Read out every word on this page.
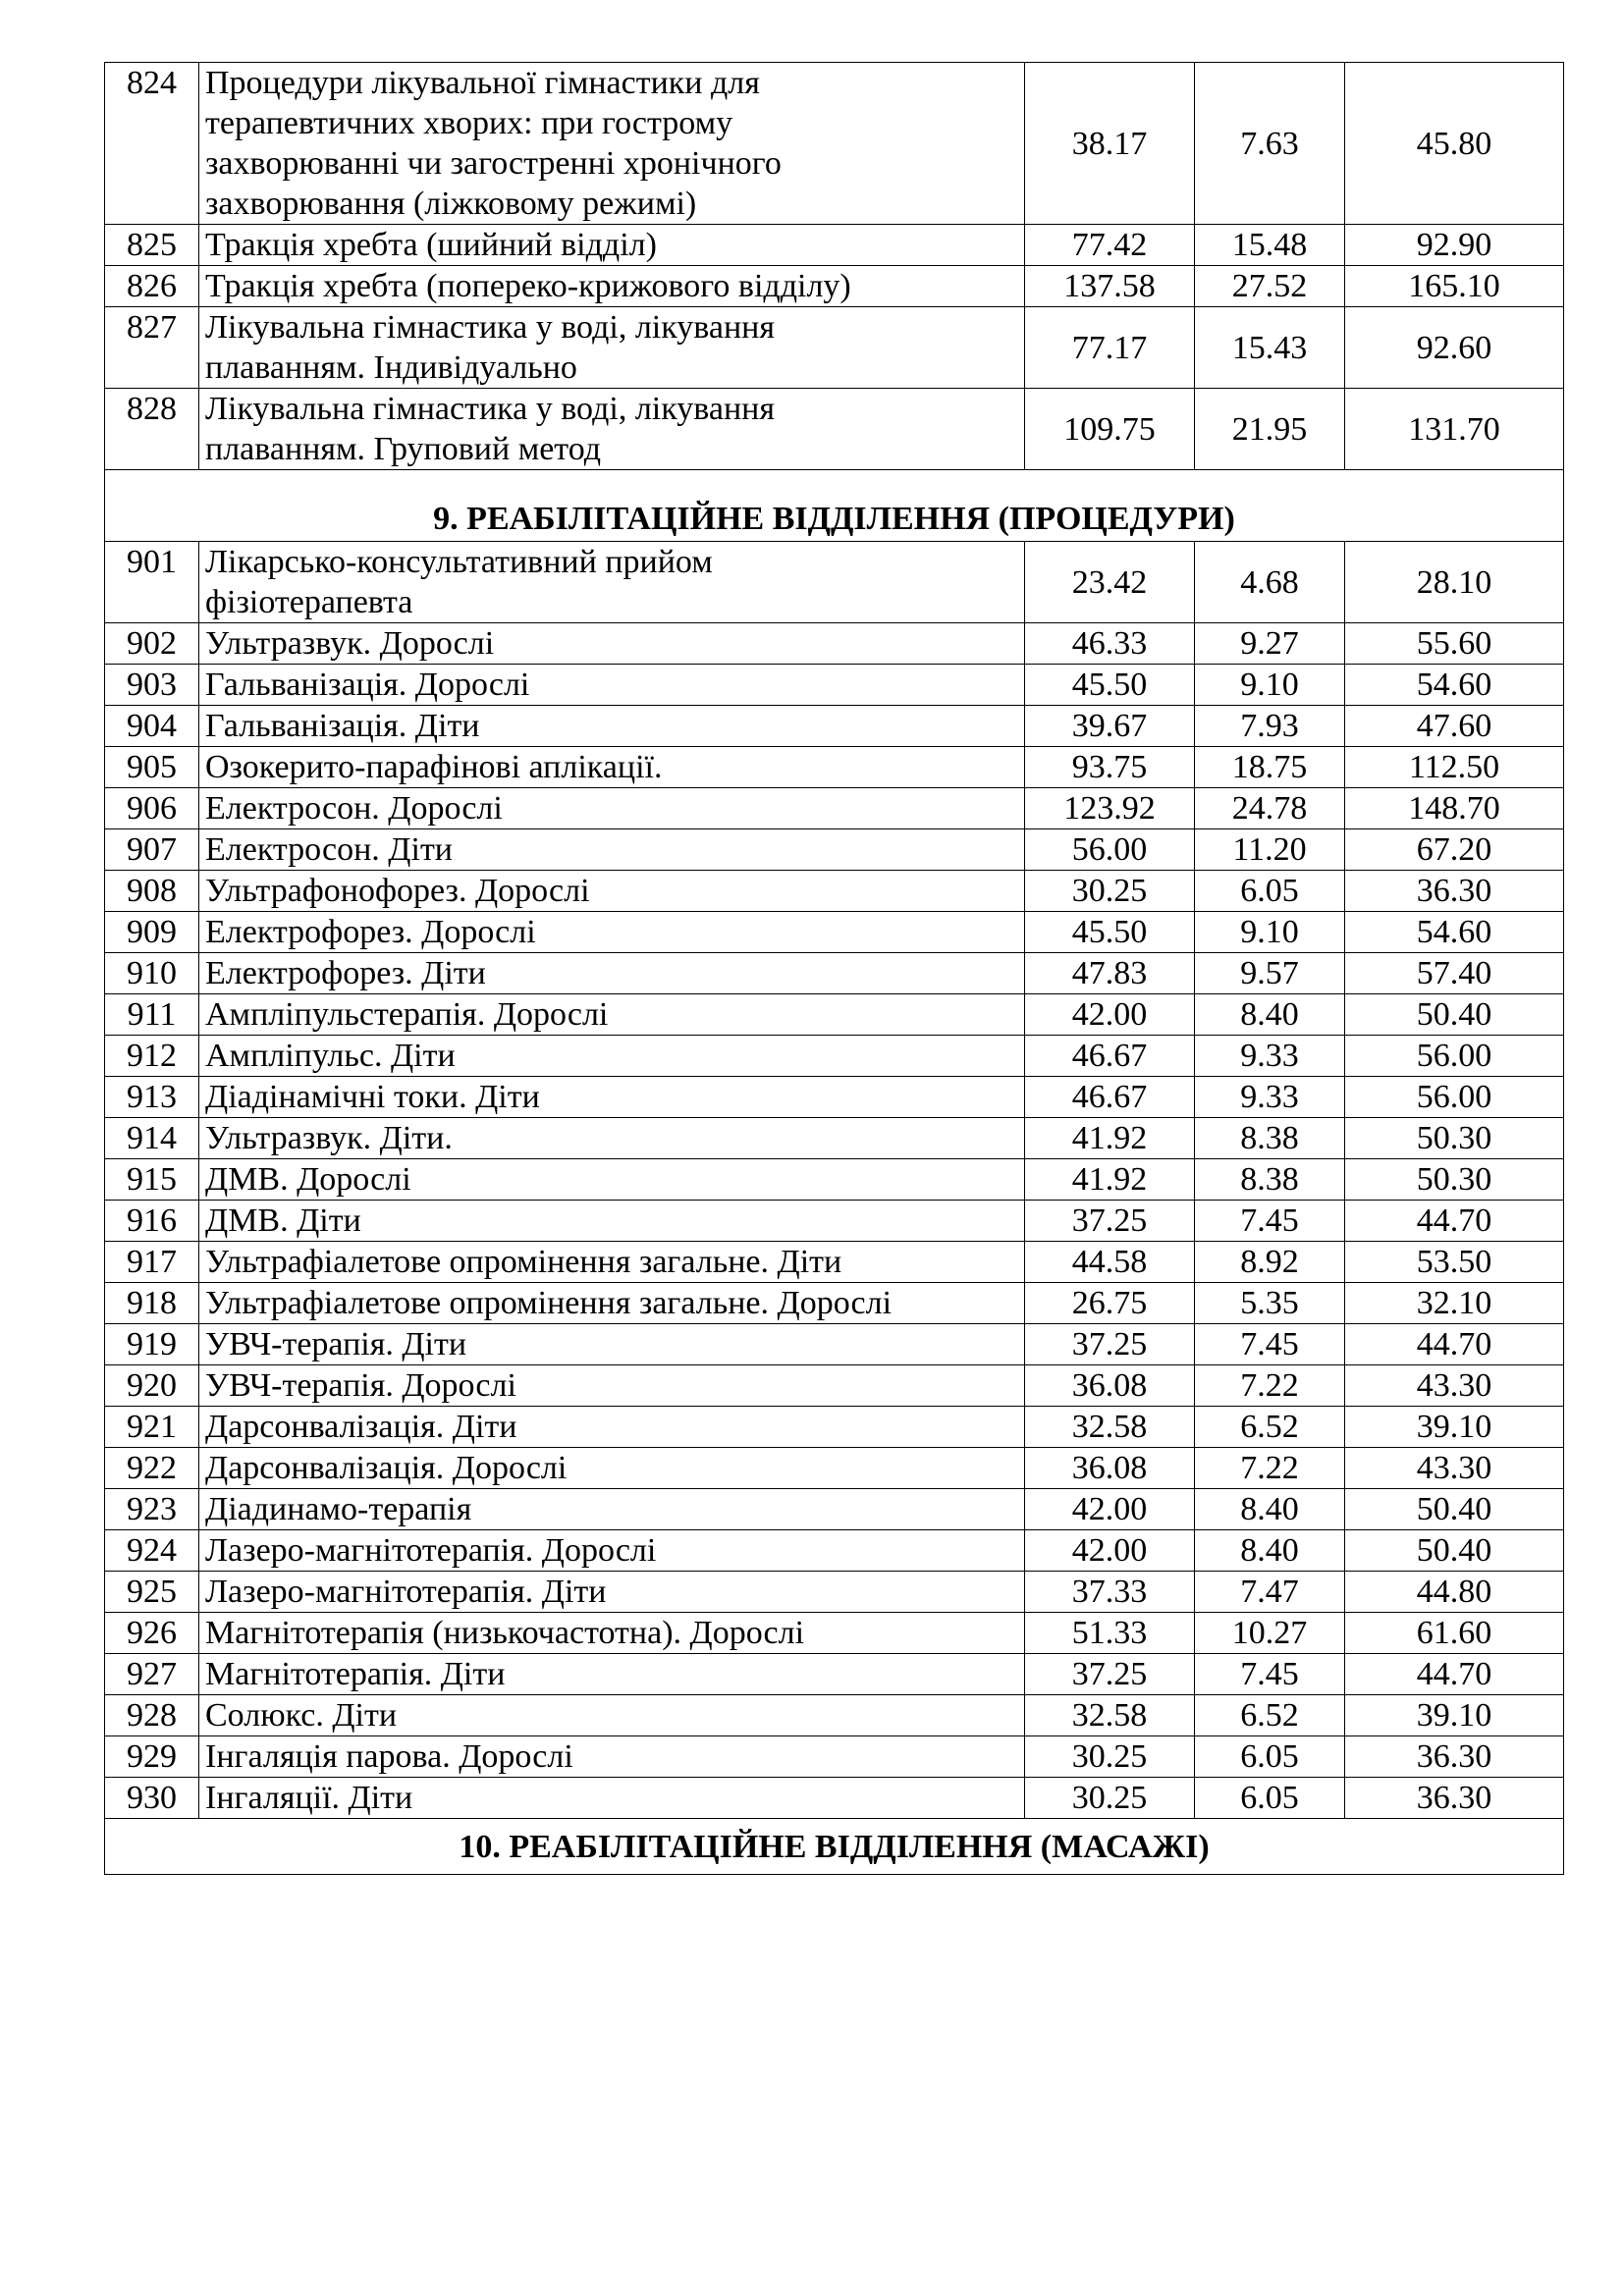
824	Процедури лікувальної гімнастики для
терапевтичних хворих: при гострому
захворюванні чи загостренні хронічного
захворювання (ліжковому режимі)	38.17	7.63	45.80
825	Тракція хребта (шийний відділ)	77.42	15.48	92.90
826	Тракція хребта (попереко-крижового відділу)	137.58	27.52	165.10
827	Лікувальна гімнастика у воді, лікування
плаванням. Індивідуально	77.17	15.43	92.60
828	Лікувальна гімнастика у воді, лікування
плаванням. Груповий метод	109.75	21.95	131.70
9. РЕАБІЛІТАЦІЙНЕ ВІДДІЛЕННЯ (ПРОЦЕДУРИ)				
901	Лікарсько-консультативний прийом
фізіотерапевта	23.42	4.68	28.10
902	Ультразвук. Дорослі	46.33	9.27	55.60
903	Гальванізація. Дорослі	45.50	9.10	54.60
904	Гальванізація. Діти	39.67	7.93	47.60
905	Озокерито-парафінові аплікації.	93.75	18.75	112.50
906	Електросон. Дорослі	123.92	24.78	148.70
907	Електросон. Діти	56.00	11.20	67.20
908	Ультрафонофорез. Дорослі	30.25	6.05	36.30
909	Електрофорез. Дорослі	45.50	9.10	54.60
910	Електрофорез. Діти	47.83	9.57	57.40
911	Ампліпульстерапія. Дорослі	42.00	8.40	50.40
912	Ампліпульс. Діти	46.67	9.33	56.00
913	Діадінамічні токи. Діти	46.67	9.33	56.00
914	Ультразвук. Діти.	41.92	8.38	50.30
915	ДМВ. Дорослі	41.92	8.38	50.30
916	ДМВ. Діти	37.25	7.45	44.70
917	Ультрафіалетове опромінення загальне. Діти	44.58	8.92	53.50
918	Ультрафіалетове опромінення загальне. Дорослі	26.75	5.35	32.10
919	УВЧ-терапія. Діти	37.25	7.45	44.70
920	УВЧ-терапія. Дорослі	36.08	7.22	43.30
921	Дарсонвалізація. Діти	32.58	6.52	39.10
922	Дарсонвалізація. Дорослі	36.08	7.22	43.30
923	Діадинамо-терапія	42.00	8.40	50.40
924	Лазеро-магнітотерапія. Дорослі	42.00	8.40	50.40
925	Лазеро-магнітотерапія. Діти	37.33	7.47	44.80
926	Магнітотерапія (низькочастотна). Дорослі	51.33	10.27	61.60
927	Магнітотерапія. Діти	37.25	7.45	44.70
928	Солюкс. Діти	32.58	6.52	39.10
929	Інгаляція парова. Дорослі	30.25	6.05	36.30
930	Інгаляції. Діти	30.25	6.05	36.30
10. РЕАБІЛІТАЦІЙНЕ ВІДДІЛЕННЯ (МАСАЖІ)				
